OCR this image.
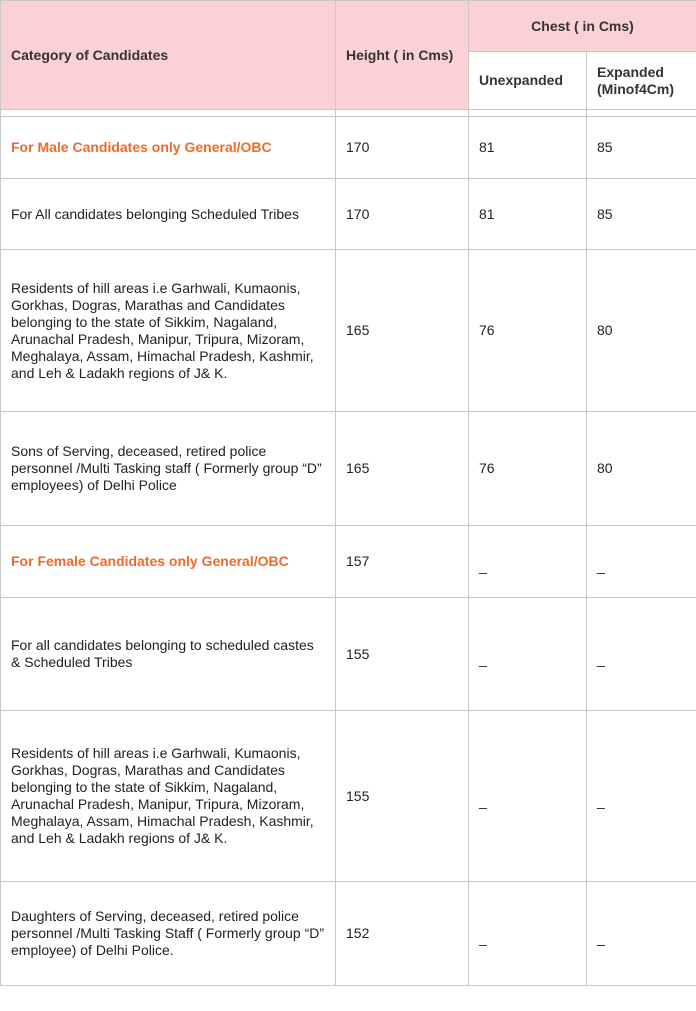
Category of Candidates	Height ( in Cms)	Chest ( in Cms)	
		Unexpanded	Expanded (Minof4Cm)

For Male Candidates only General/OBC	170	81	85
For All candidates belonging Scheduled Tribes	170	81	85
Residents of hill areas i.e Garhwali, Kumaonis, Gorkhas, Dogras, Marathas and Candidates belonging to the state of Sikkim, Nagaland, Arunachal Pradesh, Manipur, Tripura, Mizoram, Meghalaya, Assam, Himachal Pradesh, Kashmir, and Leh & Ladakh regions of J& K.	165	76	80
Sons of Serving, deceased, retired police personnel /Multi Tasking staff ( Formerly group “D” employees) of Delhi Police	165	76	80
For Female Candidates only General/OBC	157	_	_
For all candidates belonging to scheduled castes & Scheduled Tribes	155	_	_
Residents of hill areas i.e Garhwali, Kumaonis, Gorkhas, Dogras, Marathas and Candidates belonging to the state of Sikkim, Nagaland, Arunachal Pradesh, Manipur, Tripura, Mizoram, Meghalaya, Assam, Himachal Pradesh, Kashmir, and Leh & Ladakh regions of J& K.	155	_	_
Daughters of Serving, deceased, retired police personnel /Multi Tasking Staff ( Formerly group “D” employee) of Delhi Police.	152	_	_
